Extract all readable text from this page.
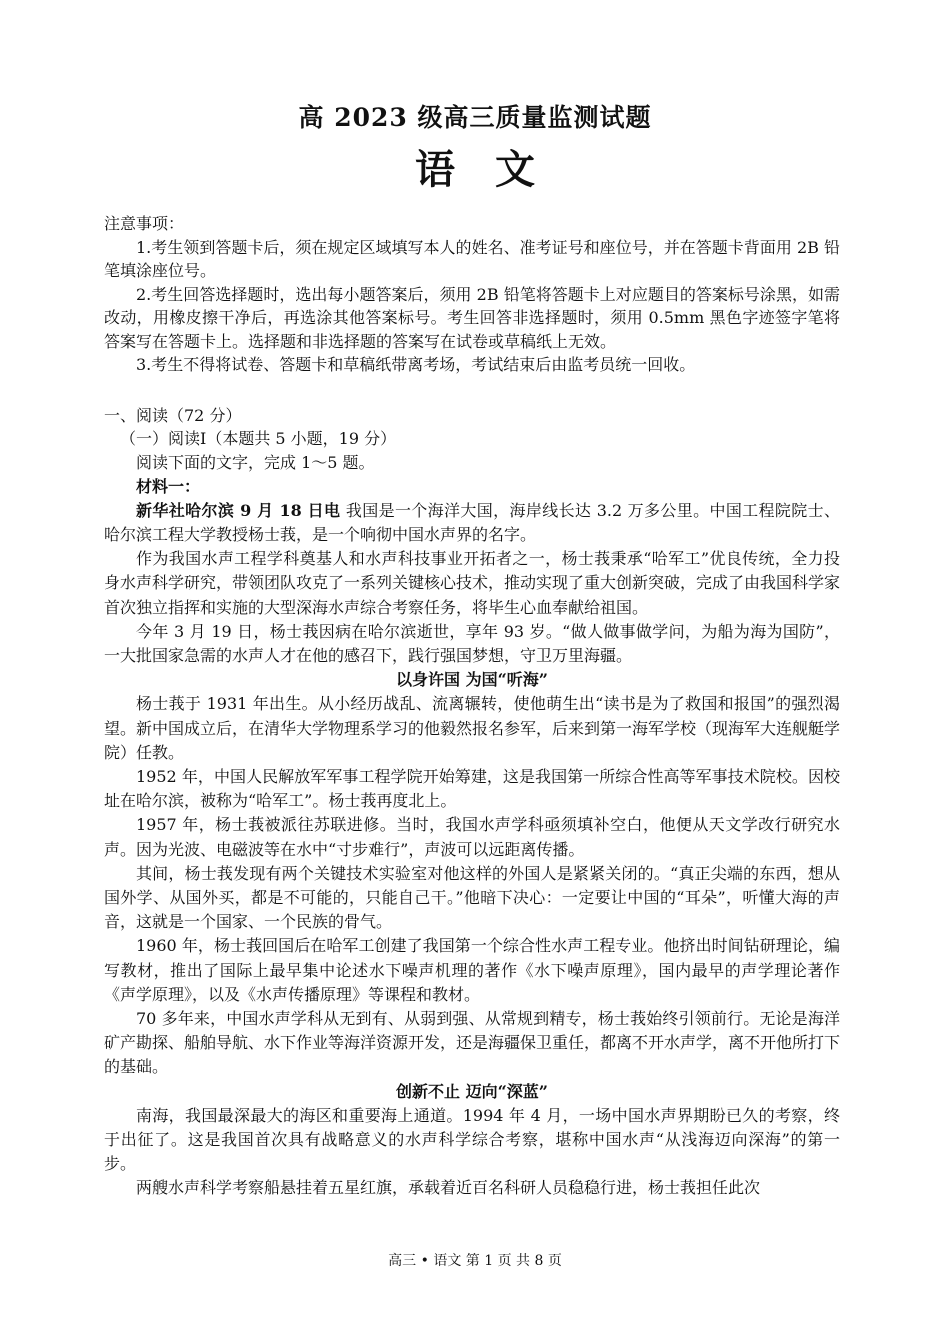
高 2023 级高三质量监测试题
语文

注意事项：

1.考生领到答题卡后，须在规定区域填写本人的姓名、准考证号和座位号，并在答题卡背面用 2B 铅笔填涂座位号。

2.考生回答选择题时，选出每小题答案后，须用 2B 铅笔将答题卡上对应题目的答案标号涂黑，如需改动，用橡皮擦干净后，再选涂其他答案标号。考生回答非选择题时，须用 0.5mm 黑色字迹签字笔将答案写在答题卡上。选择题和非选择题的答案写在试卷或草稿纸上无效。

3.考生不得将试卷、答题卡和草稿纸带离考场，考试结束后由监考员统一回收。

一、阅读（72 分）

（一）阅读Ⅰ（本题共 5 小题，19 分）

阅读下面的文字，完成 1～5 题。

材料一：

新华社哈尔滨 9 月 18 日电 我国是一个海洋大国，海岸线长达 3.2 万多公里。中国工程院院士、哈尔滨工程大学教授杨士莪，是一个响彻中国水声界的名字。

作为我国水声工程学科奠基人和水声科技事业开拓者之一，杨士莪秉承“哈军工”优良传统，全力投身水声科学研究，带领团队攻克了一系列关键核心技术，推动实现了重大创新突破，完成了由我国科学家首次独立指挥和实施的大型深海水声综合考察任务，将毕生心血奉献给祖国。

今年 3 月 19 日，杨士莪因病在哈尔滨逝世，享年 93 岁。“做人做事做学问，为船为海为国防”，一大批国家急需的水声人才在他的感召下，践行强国梦想，守卫万里海疆。

以身许国 为国“听海”

杨士莪于 1931 年出生。从小经历战乱、流离辗转，使他萌生出“读书是为了救国和报国”的强烈渴望。新中国成立后，在清华大学物理系学习的他毅然报名参军，后来到第一海军学校（现海军大连舰艇学院）任教。

1952 年，中国人民解放军军事工程学院开始筹建，这是我国第一所综合性高等军事技术院校。因校址在哈尔滨，被称为“哈军工”。杨士莪再度北上。

1957 年，杨士莪被派往苏联进修。当时，我国水声学科亟须填补空白，他便从天文学改行研究水声。因为光波、电磁波等在水中“寸步难行”，声波可以远距离传播。

其间，杨士莪发现有两个关键技术实验室对他这样的外国人是紧紧关闭的。“真正尖端的东西，想从国外学、从国外买，都是不可能的，只能自己干。”他暗下决心：一定要让中国的“耳朵”，听懂大海的声音，这就是一个国家、一个民族的骨气。

1960 年，杨士莪回国后在哈军工创建了我国第一个综合性水声工程专业。他挤出时间钻研理论，编写教材，推出了国际上最早集中论述水下噪声机理的著作《水下噪声原理》，国内最早的声学理论著作《声学原理》，以及《水声传播原理》等课程和教材。

70 多年来，中国水声学科从无到有、从弱到强、从常规到精专，杨士莪始终引领前行。无论是海洋矿产勘探、船舶导航、水下作业等海洋资源开发，还是海疆保卫重任，都离不开水声学，离不开他所打下的基础。

创新不止 迈向“深蓝”

南海，我国最深最大的海区和重要海上通道。1994 年 4 月，一场中国水声界期盼已久的考察，终于出征了。这是我国首次具有战略意义的水声科学综合考察，堪称中国水声“从浅海迈向深海”的第一步。

两艘水声科学考察船悬挂着五星红旗，承载着近百名科研人员稳稳行进，杨士莪担任此次

高三 • 语文 第 1 页 共 8 页
